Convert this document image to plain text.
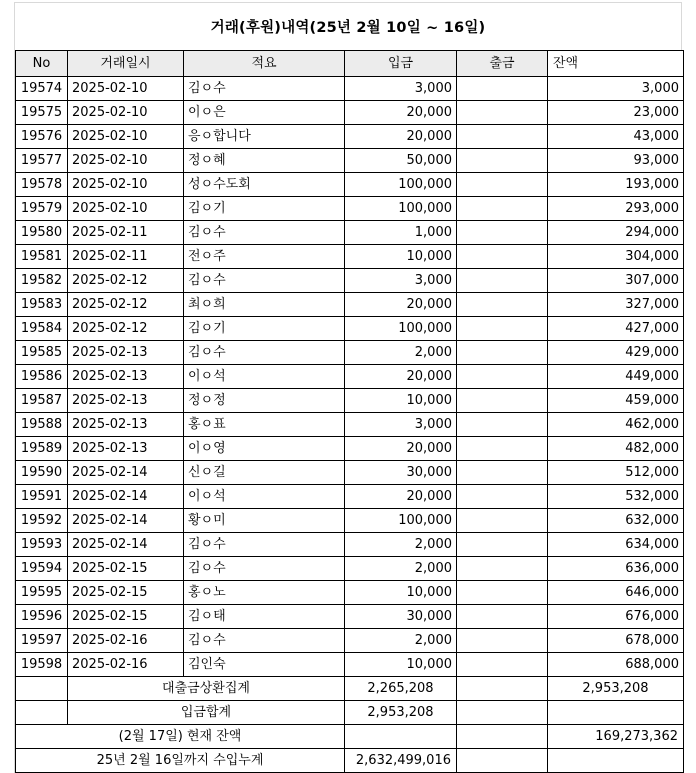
거래(후원)내역(25년 2월 10일 ~ 16일)
No	거래일시	적요	입금	출금	잔액
19574	2025-02-10	김ㅇ수	3,000		3,000
19575	2025-02-10	이ㅇ은	20,000		23,000
19576	2025-02-10	응ㅇ합니다	20,000		43,000
19577	2025-02-10	정ㅇ혜	50,000		93,000
19578	2025-02-10	성ㅇ수도회	100,000		193,000
19579	2025-02-10	김ㅇ기	100,000		293,000
19580	2025-02-11	김ㅇ수	1,000		294,000
19581	2025-02-11	전ㅇ주	10,000		304,000
19582	2025-02-12	김ㅇ수	3,000		307,000
19583	2025-02-12	최ㅇ희	20,000		327,000
19584	2025-02-12	김ㅇ기	100,000		427,000
19585	2025-02-13	김ㅇ수	2,000		429,000
19586	2025-02-13	이ㅇ석	20,000		449,000
19587	2025-02-13	정ㅇ정	10,000		459,000
19588	2025-02-13	홍ㅇ표	3,000		462,000
19589	2025-02-13	이ㅇ영	20,000		482,000
19590	2025-02-14	신ㅇ길	30,000		512,000
19591	2025-02-14	이ㅇ석	20,000		532,000
19592	2025-02-14	황ㅇ미	100,000		632,000
19593	2025-02-14	김ㅇ수	2,000		634,000
19594	2025-02-15	김ㅇ수	2,000		636,000
19595	2025-02-15	홍ㅇ노	10,000		646,000
19596	2025-02-15	김ㅇ태	30,000		676,000
19597	2025-02-16	김ㅇ수	2,000		678,000
19598	2025-02-16	김인숙	10,000		688,000
	대출금상환집계		2,265,208		2,953,208
	입금합계		2,953,208		
(2월 17일) 현재 잔액					169,273,362
25년 2월 16일까지 수입누계			2,632,499,016		
